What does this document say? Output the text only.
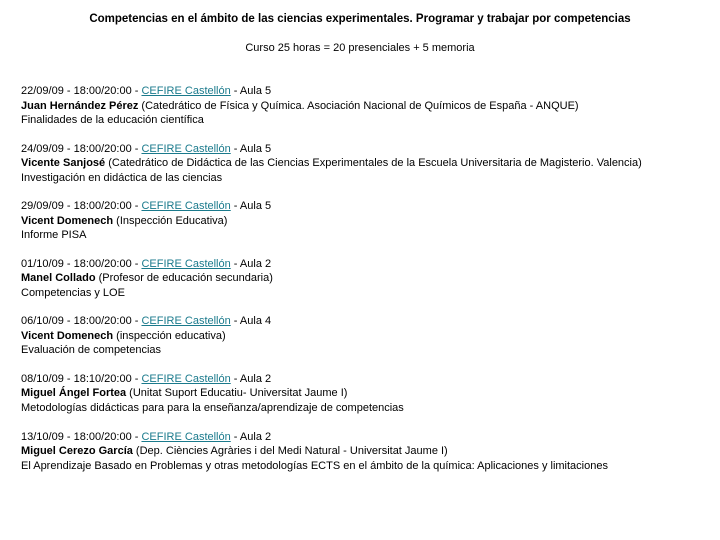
Competencias en el ámbito de las ciencias experimentales. Programar y trabajar por competencias
Curso 25 horas = 20 presenciales + 5 memoria
22/09/09 - 18:00/20:00 - CEFIRE Castellón - Aula 5
Juan Hernández Pérez (Catedrático de Física y Química. Asociación Nacional de Químicos de España - ANQUE)
Finalidades de la educación científica
24/09/09 - 18:00/20:00 - CEFIRE Castellón - Aula 5
Vicente Sanjosé (Catedrático de Didáctica de las Ciencias Experimentales de la Escuela Universitaria de Magisterio. Valencia)
Investigación en didáctica de las ciencias
29/09/09 - 18:00/20:00 - CEFIRE Castellón - Aula 5
Vicent Domenech (Inspección Educativa)
Informe PISA
01/10/09 - 18:00/20:00 - CEFIRE Castellón - Aula 2
Manel Collado (Profesor de educación secundaria)
Competencias y LOE
06/10/09 - 18:00/20:00 - CEFIRE Castellón - Aula 4
Vicent Domenech (inspección educativa)
Evaluación de competencias
08/10/09 - 18:10/20:00 - CEFIRE Castellón - Aula 2
Miguel Ángel Fortea (Unitat Suport Educatiu- Universitat Jaume I)
Metodologías didácticas para para la enseñanza/aprendizaje de competencias
13/10/09 - 18:00/20:00 - CEFIRE Castellón - Aula 2
Miguel Cerezo García (Dep. Ciències Agràries i del Medi Natural - Universitat Jaume I)
El Aprendizaje Basado en Problemas y otras metodologías ECTS en el ámbito de la química: Aplicaciones y limitaciones
